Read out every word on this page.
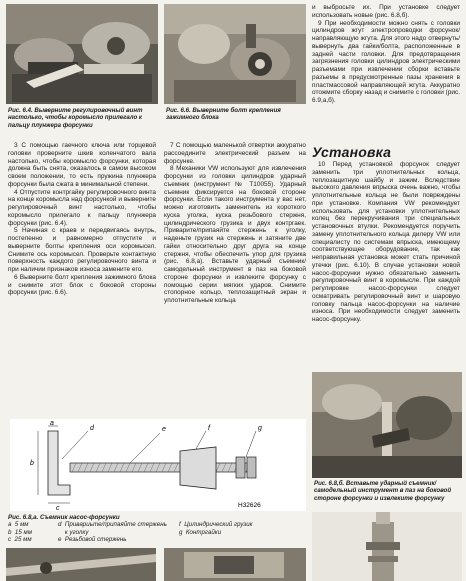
Рис. 6.4. Выверните регулировочный винт настолько, чтобы коромысло прилегало к пальцу плунжера форсунки
Рис. 6.6. Выверните болт крепления зажимного блока

3 С помощью гаечного ключа или торцевой головки проверните шкив коленчатого вала настолько, чтобы коромысло форсунки, которая должна быть снята, оказалось в самом высоком своем положении, то есть пружина плунжера форсунки была сжата в минимальной степени.

4 Отпустите контргайку регулировочного винта на конце коромысла над форсункой и выверните регулировочный винт настолько, чтобы коромысло прилегало к пальцу плунжера форсунки (рис. 6.4).

5 Начиная с краев и передвигаясь внутрь, постепенно и равномерно отпустите и выверните болты крепления оси коромысел. Снимите ось коромысел. Проверьте контактную поверхность каждого регулировочного винта и при наличии признаков износа замените его.

6 Выверните болт крепления зажимного блока и снимите этот блок с боковой стороны форсунки (рис. 6.6).

7 С помощью маленькой отвертки аккуратно рассоедините электрический разъем на форсунке.

8 Механики VW используют для извлечения форсунки из головки цилиндров ударный съемник (инструмент № Т10055). Ударный съемник фиксируется на боковой стороне форсунки. Если такого инструмента у вас нет, можно изготовить заменитель из короткого куска уголка, куска резьбового стержня, цилиндрического грузика и двух контргаек. Приварите/припаяйте стержень к уголку, наденьте грузик на стержень и затяните две гайки относительно друг друга на конце стержня, чтобы обеспечить упор для грузика (рис. 6.8,а). Вставьте ударный съемник/самодельный инструмент в паз на боковой стороне форсунки и извлеките форсунку с помощью серии мягких ударов. Снимите стопорное кольцо, теплозащитный экран и уплотнительные кольца

и выбросьте их. При установке следует использовать новые (рис. 6.8,б).

9 При необходимости можно снять с головки цилиндров жгут электропроводки форсунок/направляющую жгута. Для этого надо отвернуть/вывернуть два гайки/болта, расположенные в задней части головки. Для предотвращения загрязнения головки цилиндров электрическими разъемами при извлечении сборки вставьте разъемы в предусмотренные пазы хранения в пластмассовой направляющей жгута. Аккуратно отожмите сборку назад и снимите с головки (рис. 6.9,а,б).

Установка

10 Перед установкой форсунок следует заменить три уплотнительных кольца, теплозащитную шайбу и зажим. Вследствие высокого давления впрыска очень важно, чтобы уплотнительные кольца не были повреждены при установке. Компания VW рекомендует использовать для установки уплотнительных колец без перекручивания три специальных установочных втулки. Рекомендуется поручить замену уплотнительного кольца дилеру VW или специалисту по системам впрыска, имеющему соответствующее оборудование, так как неправильная установка может стать причиной утечки (рис. 6.10). В случае установки новой насос-форсунки нужно обязательно заменить регулировочный винт в коромысле. При каждой регулировке насос-форсунки следует осматривать регулировочный винт и шаровую головку пальца насос-форсунки на наличие износа. При необходимости следует заменить насос-форсунку.

a
b
c
d	e	f	g
H32626
Рис. 6.8,а. Съемник насос-форсунки
a 5 мм	d Привариьте/припаяйте стержень	f Цилиндрический грузик
b 15 мм	к уголку	g Контргайки
c 25 мм	e Резьбовой стержень
Рис. 6.8,б. Вставьте ударный съемник/самодельный инструмент в паз на боковой стороне форсунки и извлеките форсунку
